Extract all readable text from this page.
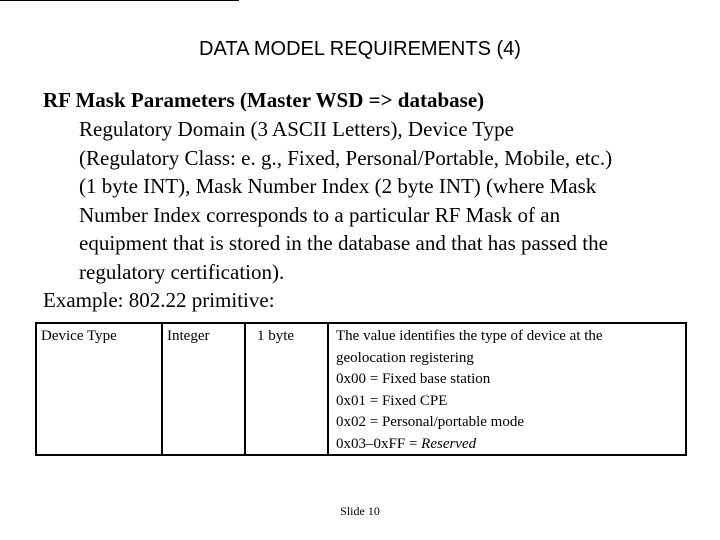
DATA MODEL REQUIREMENTS (4)
RF Mask Parameters (Master WSD => database)
Regulatory Domain (3 ASCII Letters), Device Type
(Regulatory Class: e. g., Fixed, Personal/Portable, Mobile, etc.)
(1 byte INT), Mask Number Index (2 byte INT) (where Mask
Number Index corresponds to a particular RF Mask of an
equipment that is stored in the database and that has passed the
regulatory certification).
Example: 802.22 primitive:
Device Type	Integer	1 byte	The value identifies the type of device at the
geolocation registering
0x00 = Fixed base station
0x01 = Fixed CPE
0x02 = Personal/portable mode
0x03–0xFF = Reserved
Slide 10
